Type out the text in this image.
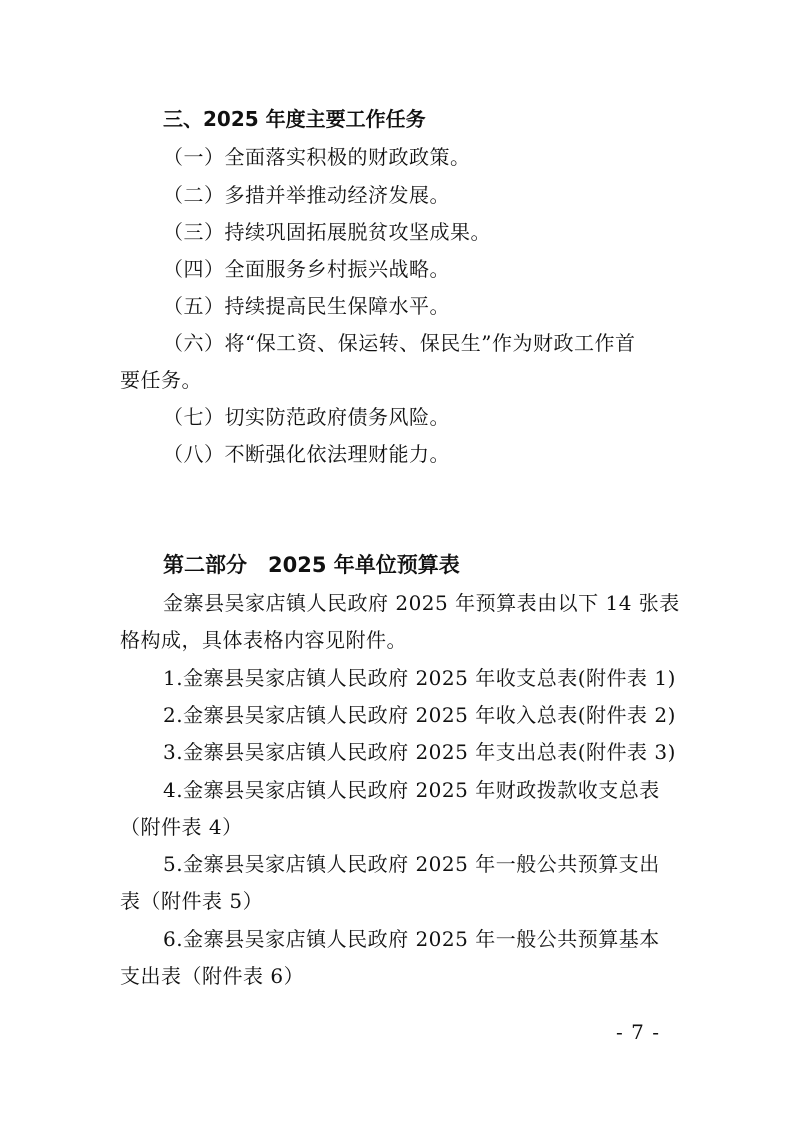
三、2025 年度主要工作任务
（一）全面落实积极的财政政策。
（二）多措并举推动经济发展。
（三）持续巩固拓展脱贫攻坚成果。
（四）全面服务乡村振兴战略。
（五）持续提高民生保障水平。
（六）将“保工资、保运转、保民生”作为财政工作首
要任务。
（七）切实防范政府债务风险。
（八）不断强化依法理财能力。
第二部分　2025 年单位预算表
金寨县吴家店镇人民政府 2025 年预算表由以下 14 张表
格构成，具体表格内容见附件。
1.金寨县吴家店镇人民政府 2025 年收支总表(附件表 1)
2.金寨县吴家店镇人民政府 2025 年收入总表(附件表 2)
3.金寨县吴家店镇人民政府 2025 年支出总表(附件表 3)
4.金寨县吴家店镇人民政府 2025 年财政拨款收支总表
（附件表 4）
5.金寨县吴家店镇人民政府 2025 年一般公共预算支出
表（附件表 5）
6.金寨县吴家店镇人民政府 2025 年一般公共预算基本
支出表（附件表 6）
- 7 -
